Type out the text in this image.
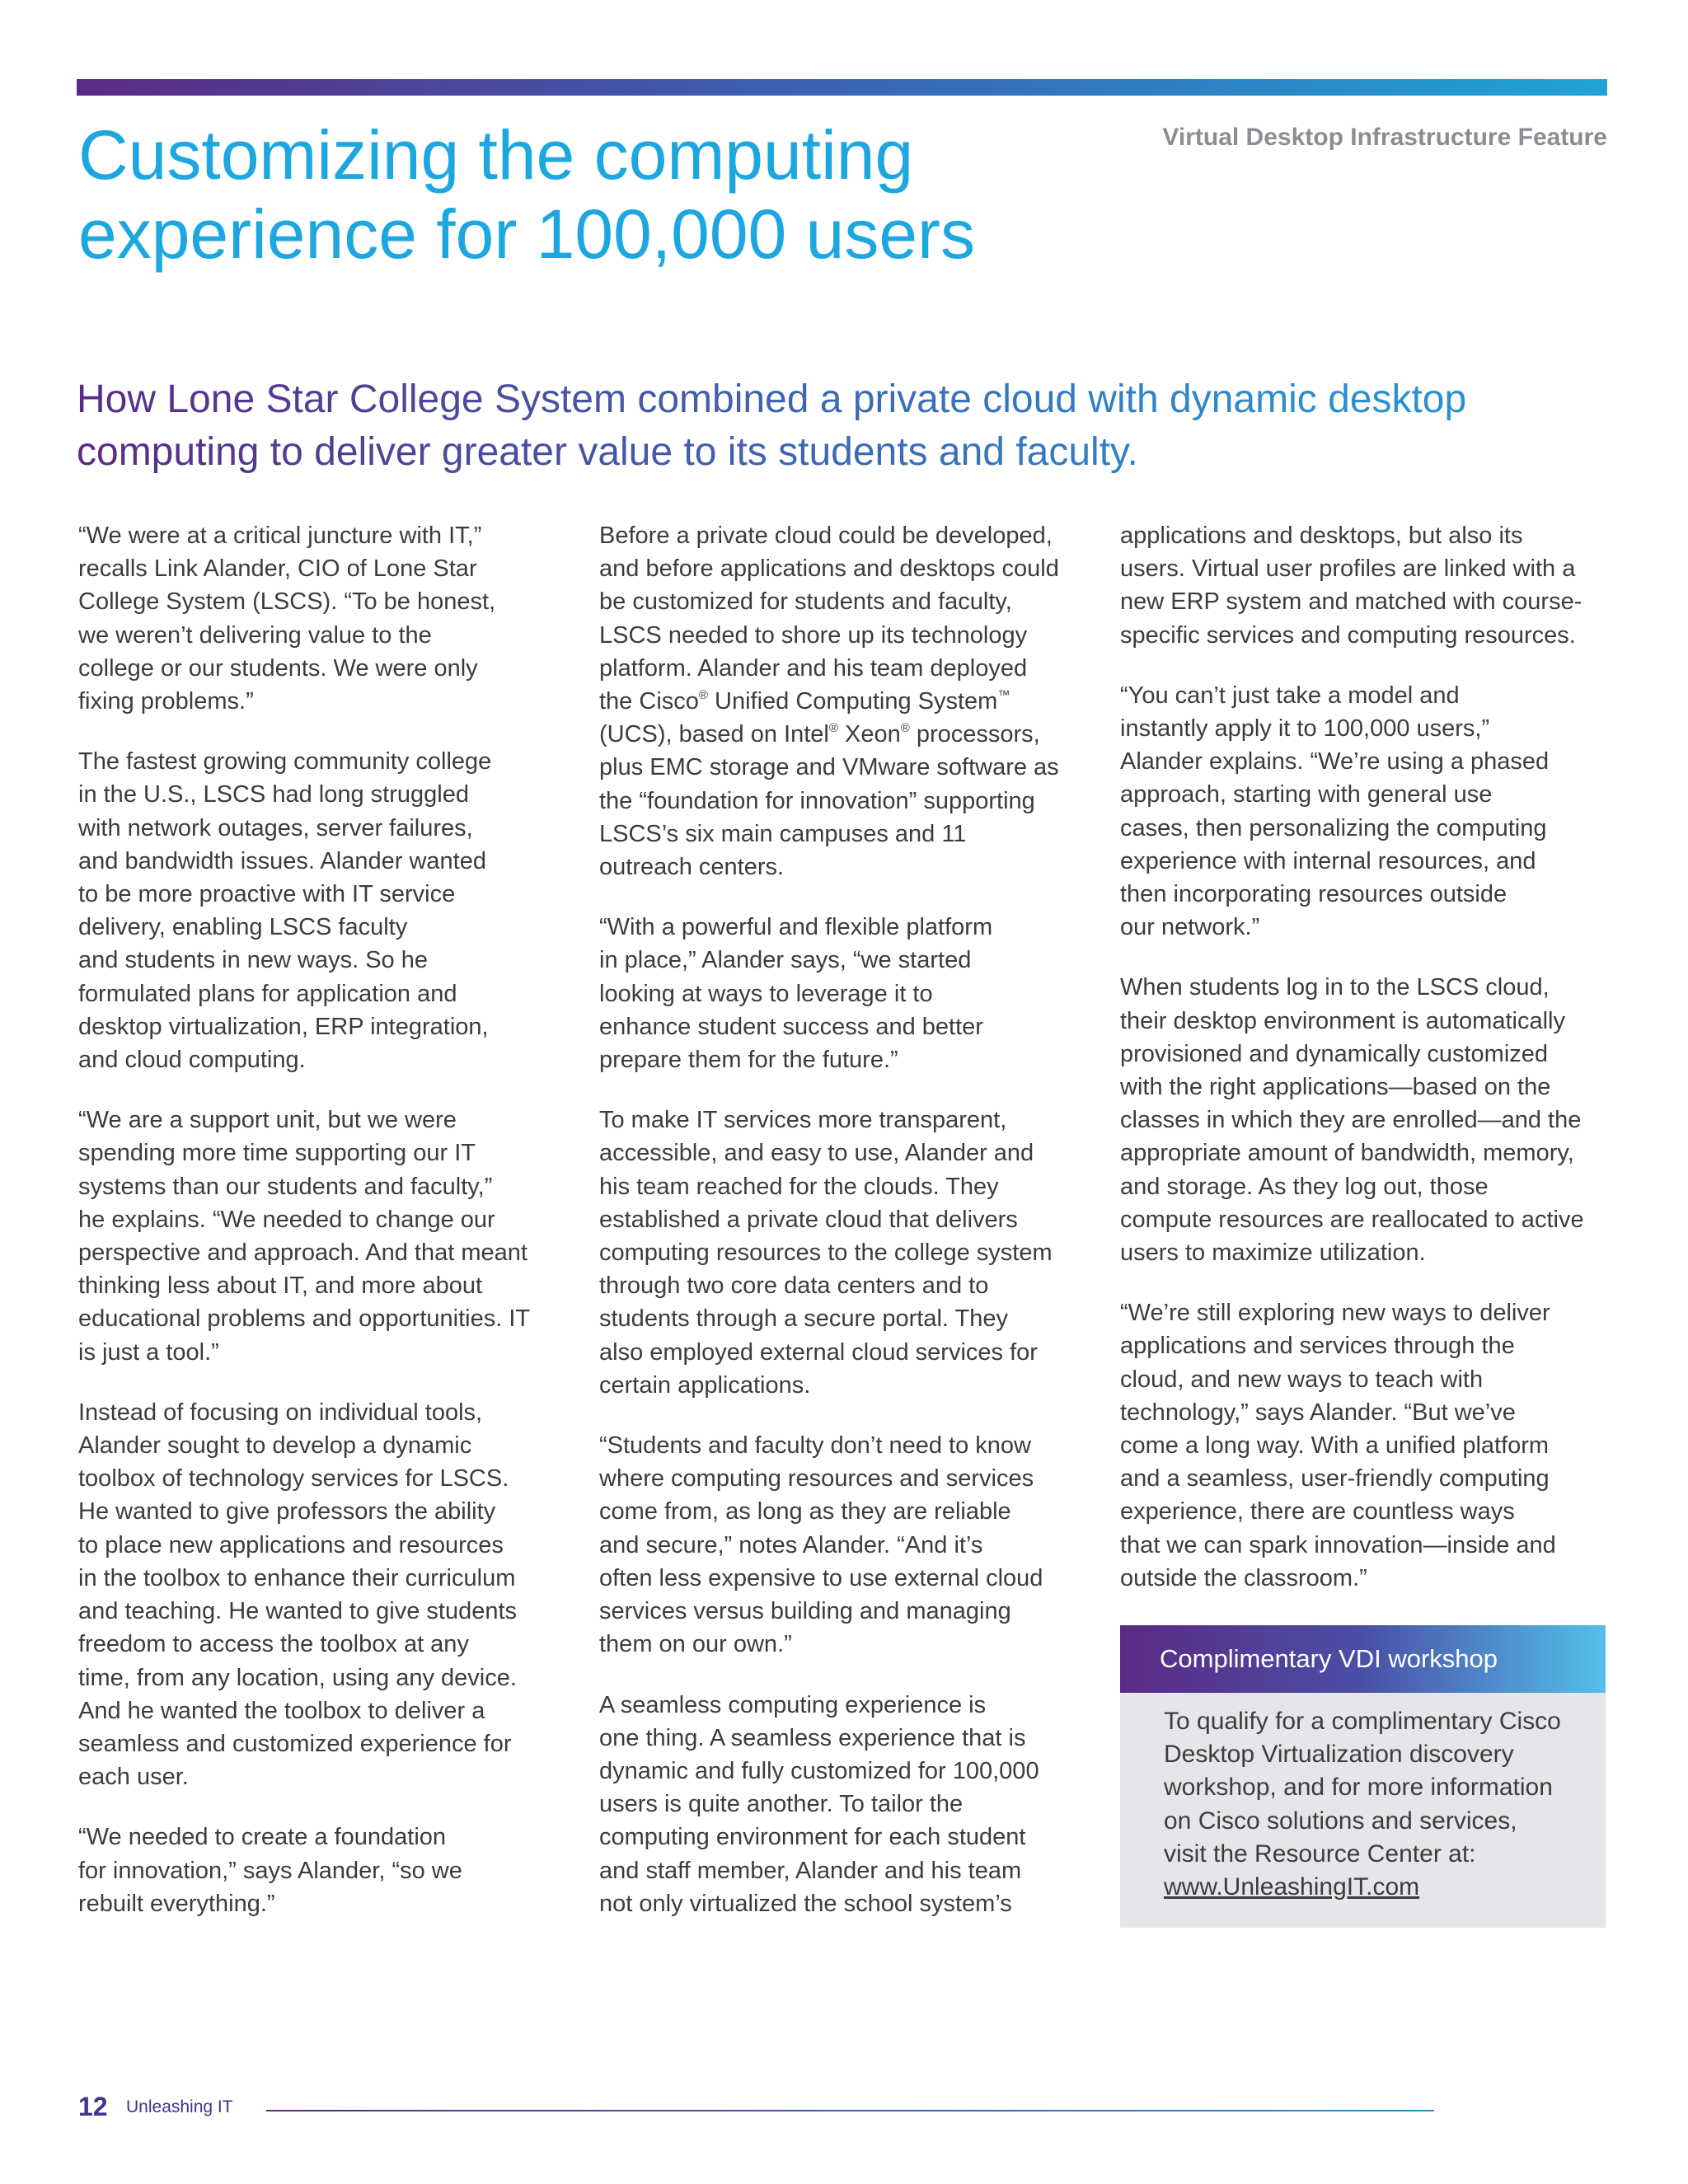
Virtual Desktop Infrastructure Feature
Customizing the computing
experience for 100,000 users
How Lone Star College System combined a private cloud with dynamic desktop
computing to deliver greater value to its students and faculty.

“We were at a critical juncture with IT,”
recalls Link Alander, CIO of Lone Star
College System (LSCS). “To be honest,
we weren’t delivering value to the
college or our students. We were only
fixing problems.”

The fastest growing community college
in the U.S., LSCS had long struggled
with network outages, server failures,
and bandwidth issues. Alander wanted
to be more proactive with IT service
delivery, enabling LSCS faculty
and students in new ways. So he
formulated plans for application and
desktop virtualization, ERP integration,
and cloud computing.

“We are a support unit, but we were
spending more time supporting our IT
systems than our students and faculty,”
he explains. “We needed to change our
perspective and approach. And that meant
thinking less about IT, and more about
educational problems and opportunities. IT
is just a tool.”

Instead of focusing on individual tools,
Alander sought to develop a dynamic
toolbox of technology services for LSCS.
He wanted to give professors the ability
to place new applications and resources
in the toolbox to enhance their curriculum
and teaching. He wanted to give students
freedom to access the toolbox at any
time, from any location, using any device.
And he wanted the toolbox to deliver a
seamless and customized experience for
each user.

“We needed to create a foundation
for innovation,” says Alander, “so we
rebuilt everything.”

Before a private cloud could be developed,
and before applications and desktops could
be customized for students and faculty,
LSCS needed to shore up its technology
platform. Alander and his team deployed
the Cisco® Unified Computing System™
(UCS), based on Intel® Xeon® processors,
plus EMC storage and VMware software as
the “foundation for innovation” supporting
LSCS’s six main campuses and 11
outreach centers.

“With a powerful and flexible platform
in place,” Alander says, “we started
looking at ways to leverage it to
enhance student success and better
prepare them for the future.”

To make IT services more transparent,
accessible, and easy to use, Alander and
his team reached for the clouds. They
established a private cloud that delivers
computing resources to the college system
through two core data centers and to
students through a secure portal. They
also employed external cloud services for
certain applications.

“Students and faculty don’t need to know
where computing resources and services
come from, as long as they are reliable
and secure,” notes Alander. “And it’s
often less expensive to use external cloud
services versus building and managing
them on our own.”

A seamless computing experience is
one thing. A seamless experience that is
dynamic and fully customized for 100,000
users is quite another. To tailor the
computing environment for each student
and staff member, Alander and his team
not only virtualized the school system’s

applications and desktops, but also its
users. Virtual user profiles are linked with a
new ERP system and matched with course-
specific services and computing resources.

“You can’t just take a model and
instantly apply it to 100,000 users,”
Alander explains. “We’re using a phased
approach, starting with general use
cases, then personalizing the computing
experience with internal resources, and
then incorporating resources outside
our network.”

When students log in to the LSCS cloud,
their desktop environment is automatically
provisioned and dynamically customized
with the right applications—based on the
classes in which they are enrolled—and the
appropriate amount of bandwidth, memory,
and storage. As they log out, those
compute resources are reallocated to active
users to maximize utilization.

“We’re still exploring new ways to deliver
applications and services through the
cloud, and new ways to teach with
technology,” says Alander. “But we’ve
come a long way. With a unified platform
and a seamless, user-friendly computing
experience, there are countless ways
that we can spark innovation—inside and
outside the classroom.”

Complimentary VDI workshop
To qualify for a complimentary Cisco
Desktop Virtualization discovery
workshop, and for more information
on Cisco solutions and services,
visit the Resource Center at:
www.UnleashingIT.com
12 Unleashing IT
